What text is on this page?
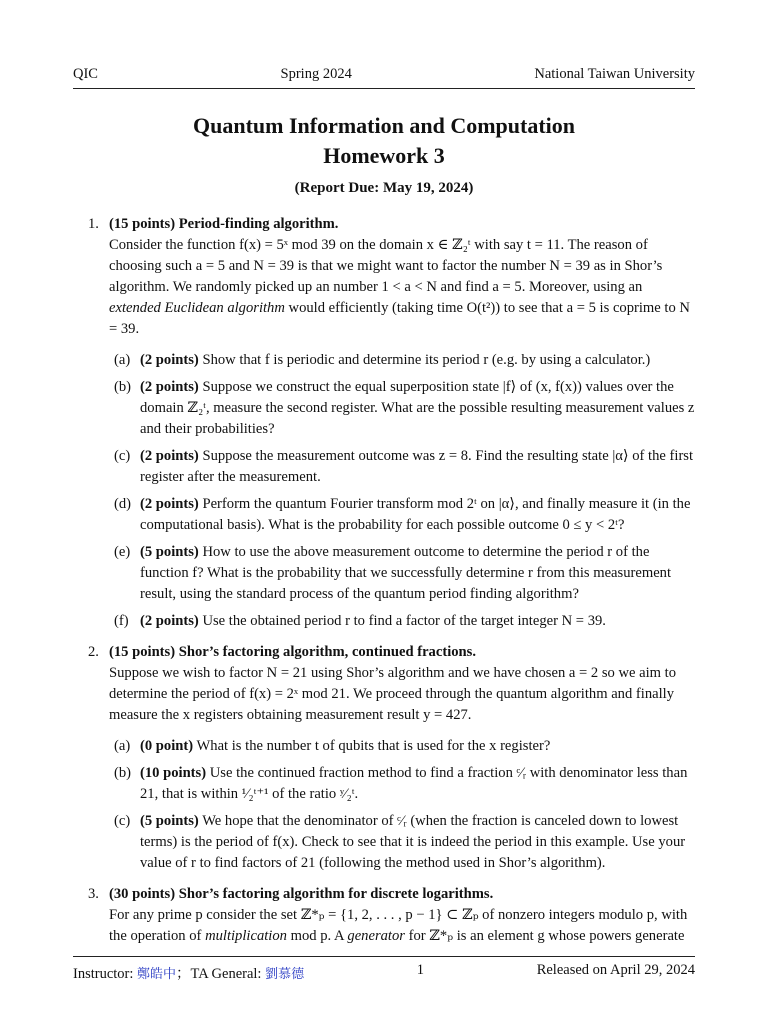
QIC	Spring 2024	National Taiwan University
Quantum Information and Computation
Homework 3
(Report Due: May 19, 2024)
1. (15 points) Period-finding algorithm.
Consider the function f(x) = 5ˣ mod 39 on the domain x ∈ ℤ₂ᵗ with say t = 11. The reason of choosing such a = 5 and N = 39 is that we might want to factor the number N = 39 as in Shor’s algorithm. We randomly picked up an number 1 < a < N and find a = 5. Moreover, using an extended Euclidean algorithm would efficiently (taking time O(t²)) to see that a = 5 is coprime to N = 39.
(a) (2 points) Show that f is periodic and determine its period r (e.g. by using a calculator.)
(b) (2 points) Suppose we construct the equal superposition state |f⟩ of (x, f(x)) values over the domain ℤ₂ᵗ, measure the second register. What are the possible resulting measurement values z and their probabilities?
(c) (2 points) Suppose the measurement outcome was z = 8. Find the resulting state |α⟩ of the first register after the measurement.
(d) (2 points) Perform the quantum Fourier transform mod 2ᵗ on |α⟩, and finally measure it (in the computational basis). What is the probability for each possible outcome 0 ≤ y < 2ᵗ?
(e) (5 points) How to use the above measurement outcome to determine the period r of the function f? What is the probability that we successfully determine r from this measurement result, using the standard process of the quantum period finding algorithm?
(f) (2 points) Use the obtained period r to find a factor of the target integer N = 39.
2. (15 points) Shor’s factoring algorithm, continued fractions.
Suppose we wish to factor N = 21 using Shor’s algorithm and we have chosen a = 2 so we aim to determine the period of f(x) = 2ˣ mod 21. We proceed through the quantum algorithm and finally measure the x registers obtaining measurement result y = 427.
(a) (0 point) What is the number t of qubits that is used for the x register?
(b) (10 points) Use the continued fraction method to find a fraction ᶜ⁄ᵣ with denominator less than 21, that is within ¹⁄₂ᵗ⁺¹ of the ratio ʸ⁄₂ᵗ.
(c) (5 points) We hope that the denominator of ᶜ⁄ᵣ (when the fraction is canceled down to lowest terms) is the period of f(x). Check to see that it is indeed the period in this example. Use your value of r to find factors of 21 (following the method used in Shor’s algorithm).
3. (30 points) Shor’s factoring algorithm for discrete logarithms.
For any prime p consider the set ℤ*ₚ = {1, 2, . . . , p − 1} ⊂ ℤₚ of nonzero integers modulo p, with the operation of multiplication mod p. A generator for ℤ*ₚ is an element g whose powers generate
Instructor: 鄭皓中；TA General: 劉慕德	1	Released on April 29, 2024
